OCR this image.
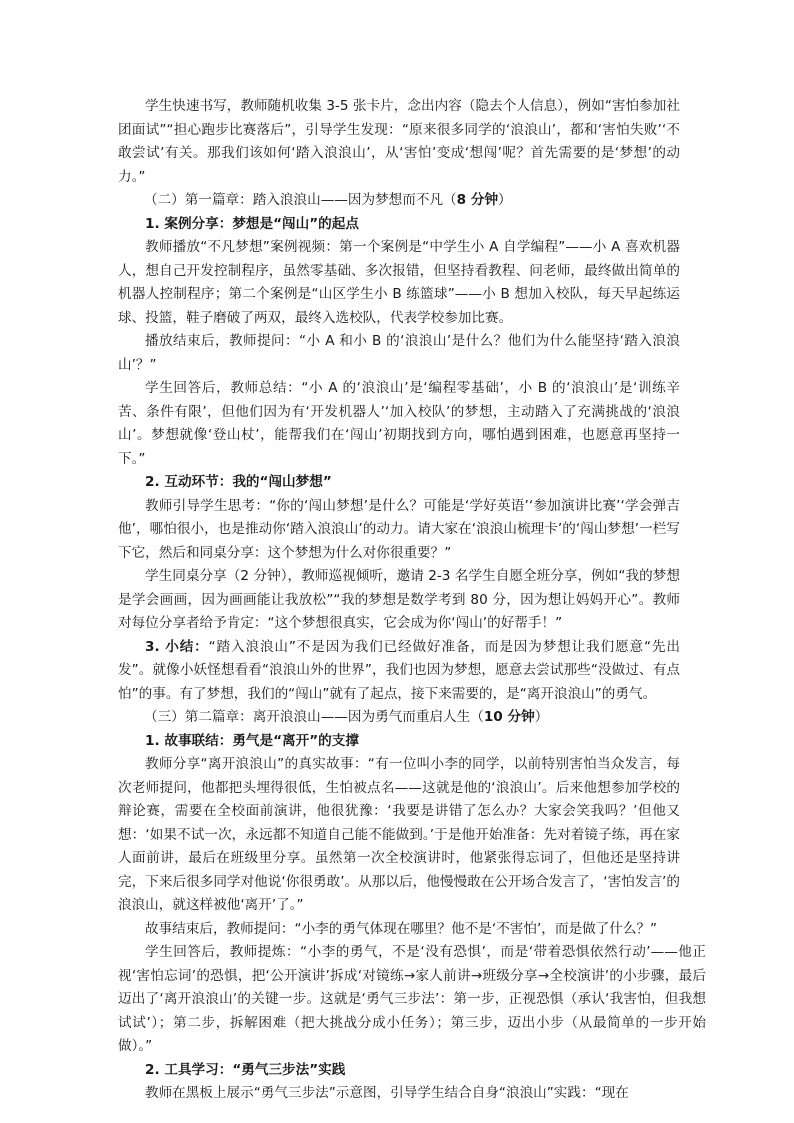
学生快速书写，教师随机收集 3-5 张卡片，念出内容（隐去个人信息），例如“害怕参加社团面试”“担心跑步比赛落后”，引导学生发现：“原来很多同学的‘浪浪山’，都和‘害怕失败’‘不敢尝试’有关。那我们该如何‘踏入浪浪山’，从‘害怕’变成‘想闯’呢？首先需要的是‘梦想’的动力。”

（二）第一篇章：踏入浪浪山——因为梦想而不凡（8 分钟）

1. 案例分享：梦想是“闯山”的起点

教师播放“不凡梦想”案例视频：第一个案例是“中学生小 A 自学编程”——小 A 喜欢机器人，想自己开发控制程序，虽然零基础、多次报错，但坚持看教程、问老师，最终做出简单的机器人控制程序；第二个案例是“山区学生小 B 练篮球”——小 B 想加入校队，每天早起练运球、投篮，鞋子磨破了两双，最终入选校队，代表学校参加比赛。

播放结束后，教师提问：“小 A 和小 B 的‘浪浪山’是什么？他们为什么能坚持‘踏入浪浪山’？”

学生回答后，教师总结：“小 A 的‘浪浪山’是‘编程零基础’，小 B 的‘浪浪山’是‘训练辛苦、条件有限’，但他们因为有‘开发机器人’‘加入校队’的梦想，主动踏入了充满挑战的‘浪浪山’。梦想就像‘登山杖’，能帮我们在‘闯山’初期找到方向，哪怕遇到困难，也愿意再坚持一下。”

2. 互动环节：我的“闯山梦想”

教师引导学生思考：“你的‘闯山梦想’是什么？可能是‘学好英语’‘参加演讲比赛’‘学会弹吉他’，哪怕很小，也是推动你‘踏入浪浪山’的动力。请大家在‘浪浪山梳理卡’的‘闯山梦想’一栏写下它，然后和同桌分享：这个梦想为什么对你很重要？”

学生同桌分享（2 分钟），教师巡视倾听，邀请 2-3 名学生自愿全班分享，例如“我的梦想是学会画画，因为画画能让我放松”“我的梦想是数学考到 80 分，因为想让妈妈开心”。教师对每位分享者给予肯定：“这个梦想很真实，它会成为你‘闯山’的好帮手！”

3. 小结：“踏入浪浪山”不是因为我们已经做好准备，而是因为梦想让我们愿意“先出发”。就像小妖怪想看看“浪浪山外的世界”，我们也因为梦想，愿意去尝试那些“没做过、有点怕”的事。有了梦想，我们的“闯山”就有了起点，接下来需要的，是“离开浪浪山”的勇气。

（三）第二篇章：离开浪浪山——因为勇气而重启人生（10 分钟）

1. 故事联结：勇气是“离开”的支撑

教师分享“离开浪浪山”的真实故事：“有一位叫小李的同学，以前特别害怕当众发言，每次老师提问，他都把头埋得很低，生怕被点名——这就是他的‘浪浪山’。后来他想参加学校的辩论赛，需要在全校面前演讲，他很犹豫：‘我要是讲错了怎么办？大家会笑我吗？’但他又想：‘如果不试一次，永远都不知道自己能不能做到。’于是他开始准备：先对着镜子练，再在家人面前讲，最后在班级里分享。虽然第一次全校演讲时，他紧张得忘词了，但他还是坚持讲完，下来后很多同学对他说‘你很勇敢’。从那以后，他慢慢敢在公开场合发言了，‘害怕发言’的浪浪山，就这样被他‘离开’了。”

故事结束后，教师提问：“小李的勇气体现在哪里？他不是‘不害怕’，而是做了什么？”

学生回答后，教师提炼：“小李的勇气，不是‘没有恐惧’，而是‘带着恐惧依然行动’——他正视‘害怕忘词’的恐惧，把‘公开演讲’拆成‘对镜练→家人前讲→班级分享→全校演讲’的小步骤，最后迈出了‘离开浪浪山’的关键一步。这就是‘勇气三步法’：第一步，正视恐惧（承认‘我害怕，但我想试试’）；第二步，拆解困难（把大挑战分成小任务）；第三步，迈出小步（从最简单的一步开始做）。”

2. 工具学习：“勇气三步法”实践

教师在黑板上展示“勇气三步法”示意图，引导学生结合自身“浪浪山”实践：“现在
